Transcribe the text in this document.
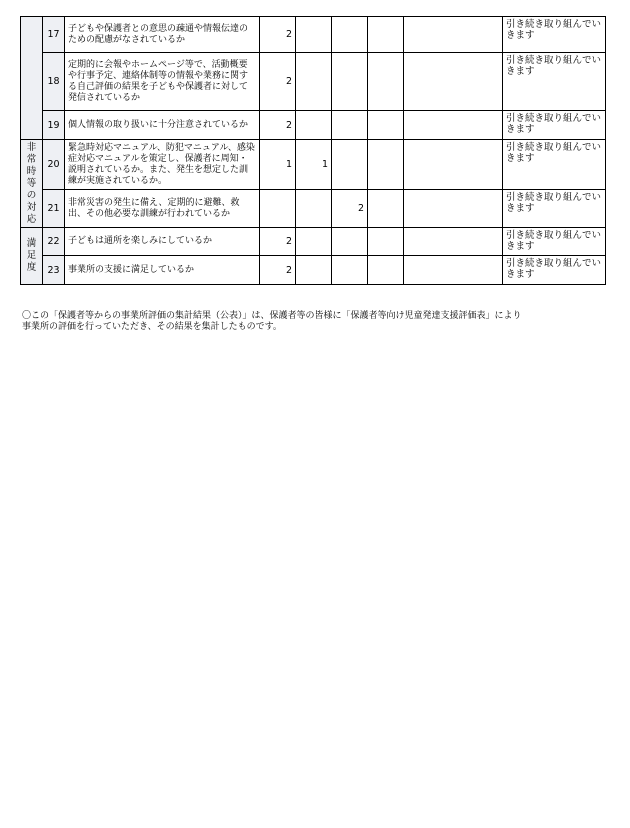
	17	子どもや保護者との意思の疎通や情報伝達のための配慮がなされているか	2					引き続き取り組んでいきます
	18	定期的に会報やホームページ等で、活動概要や行事予定、連絡体制等の情報や業務に関する自己評価の結果を子どもや保護者に対して発信されているか	2					引き続き取り組んでいきます
	19	個人情報の取り扱いに十分注意されているか	2					引き続き取り組んでいきます
非常時等の対応	20	緊急時対応マニュアル、防犯マニュアル、感染症対応マニュアルを策定し、保護者に周知・説明されているか。また、発生を想定した訓練が実施されているか。	1	1				引き続き取り組んでいきます
	21	非常災害の発生に備え、定期的に避難、救出、その他必要な訓練が行われているか			2			引き続き取り組んでいきます
満足度	22	子どもは通所を楽しみにしているか	2					引き続き取り組んでいきます
	23	事業所の支援に満足しているか	2					引き続き取り組んでいきます

〇この「保護者等からの事業所評価の集計結果（公表）」は、保護者等の皆様に「保護者等向け児童発達支援評価表」により事業所の評価を行っていただき、その結果を集計したものです。
